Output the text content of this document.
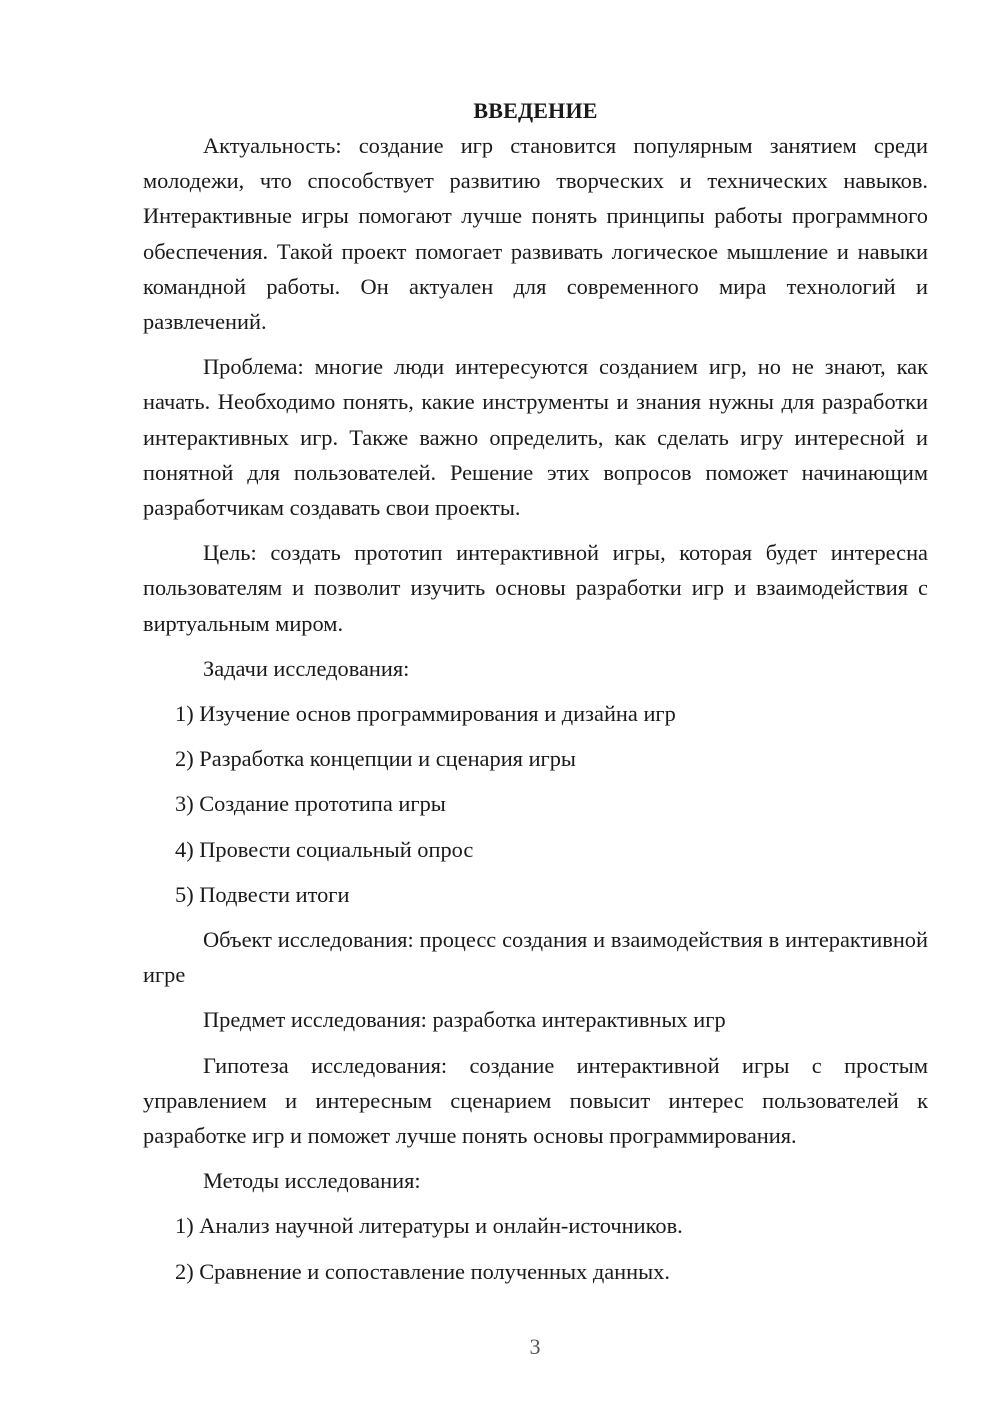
ВВЕДЕНИЕ

Актуальность: создание игр становится популярным занятием среди молодежи, что способствует развитию творческих и технических навыков. Интерактивные игры помогают лучше понять принципы работы программного обеспечения. Такой проект помогает развивать логическое мышление и навыки командной работы. Он актуален для современного мира технологий и развлечений.

Проблема: многие люди интересуются созданием игр, но не знают, как начать. Необходимо понять, какие инструменты и знания нужны для разработки интерактивных игр. Также важно определить, как сделать игру интересной и понятной для пользователей. Решение этих вопросов поможет начинающим разработчикам создавать свои проекты.

Цель: создать прототип интерактивной игры, которая будет интересна пользователям и позволит изучить основы разработки игр и взаимодействия с виртуальным миром.

Задачи исследования:

1) Изучение основ программирования и дизайна игр

2) Разработка концепции и сценария игры

3) Создание прототипа игры

4) Провести социальный опрос

5) Подвести итоги

Объект исследования: процесс создания и взаимодействия в интерактивной игре

Предмет исследования: разработка интерактивных игр

Гипотеза исследования: создание интерактивной игры с простым управлением и интересным сценарием повысит интерес пользователей к разработке игр и поможет лучше понять основы программирования.

Методы исследования:

1) Анализ научной литературы и онлайн-источников.

2) Сравнение и сопоставление полученных данных.

3
